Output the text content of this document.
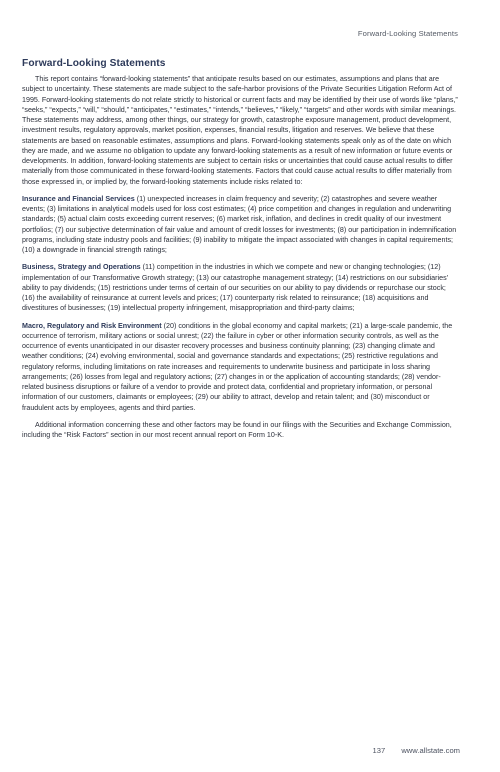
Forward-Looking Statements
Forward-Looking Statements

This report contains “forward-looking statements” that anticipate results based on our estimates, assumptions and plans that are subject to uncertainty. These statements are made subject to the safe-harbor provisions of the Private Securities Litigation Reform Act of 1995. Forward-looking statements do not relate strictly to historical or current facts and may be identified by their use of words like “plans,” “seeks,” “expects,” “will,” “should,” “anticipates,” “estimates,” “intends,” “believes,” “likely,” “targets” and other words with similar meanings. These statements may address, among other things, our strategy for growth, catastrophe exposure management, product development, investment results, regulatory approvals, market position, expenses, financial results, litigation and reserves. We believe that these statements are based on reasonable estimates, assumptions and plans. Forward-looking statements speak only as of the date on which they are made, and we assume no obligation to update any forward-looking statements as a result of new information or future events or developments. In addition, forward-looking statements are subject to certain risks or uncertainties that could cause actual results to differ materially from those communicated in these forward-looking statements. Factors that could cause actual results to differ materially from those expressed in, or implied by, the forward-looking statements include risks related to:

Insurance and Financial Services (1) unexpected increases in claim frequency and severity; (2) catastrophes and severe weather events; (3) limitations in analytical models used for loss cost estimates; (4) price competition and changes in regulation and underwriting standards; (5) actual claim costs exceeding current reserves; (6) market risk, inflation, and declines in credit quality of our investment portfolios; (7) our subjective determination of fair value and amount of credit losses for investments; (8) our participation in indemnification programs, including state industry pools and facilities; (9) inability to mitigate the impact associated with changes in capital requirements; (10) a downgrade in financial strength ratings;

Business, Strategy and Operations (11) competition in the industries in which we compete and new or changing technologies; (12) implementation of our Transformative Growth strategy; (13) our catastrophe management strategy; (14) restrictions on our subsidiaries’ ability to pay dividends; (15) restrictions under terms of certain of our securities on our ability to pay dividends or repurchase our stock; (16) the availability of reinsurance at current levels and prices; (17) counterparty risk related to reinsurance; (18) acquisitions and divestitures of businesses; (19) intellectual property infringement, misappropriation and third-party claims;

Macro, Regulatory and Risk Environment (20) conditions in the global economy and capital markets; (21) a large-scale pandemic, the occurrence of terrorism, military actions or social unrest; (22) the failure in cyber or other information security controls, as well as the occurrence of events unanticipated in our disaster recovery processes and business continuity planning; (23) changing climate and weather conditions; (24) evolving environmental, social and governance standards and expectations; (25) restrictive regulations and regulatory reforms, including limitations on rate increases and requirements to underwrite business and participate in loss sharing arrangements; (26) losses from legal and regulatory actions; (27) changes in or the application of accounting standards; (28) vendor-related business disruptions or failure of a vendor to provide and protect data, confidential and proprietary information, or personal information of our customers, claimants or employees; (29) our ability to attract, develop and retain talent; and (30) misconduct or fraudulent acts by employees, agents and third parties.

Additional information concerning these and other factors may be found in our filings with the Securities and Exchange Commission, including the “Risk Factors” section in our most recent annual report on Form 10-K.

137 www.allstate.com
